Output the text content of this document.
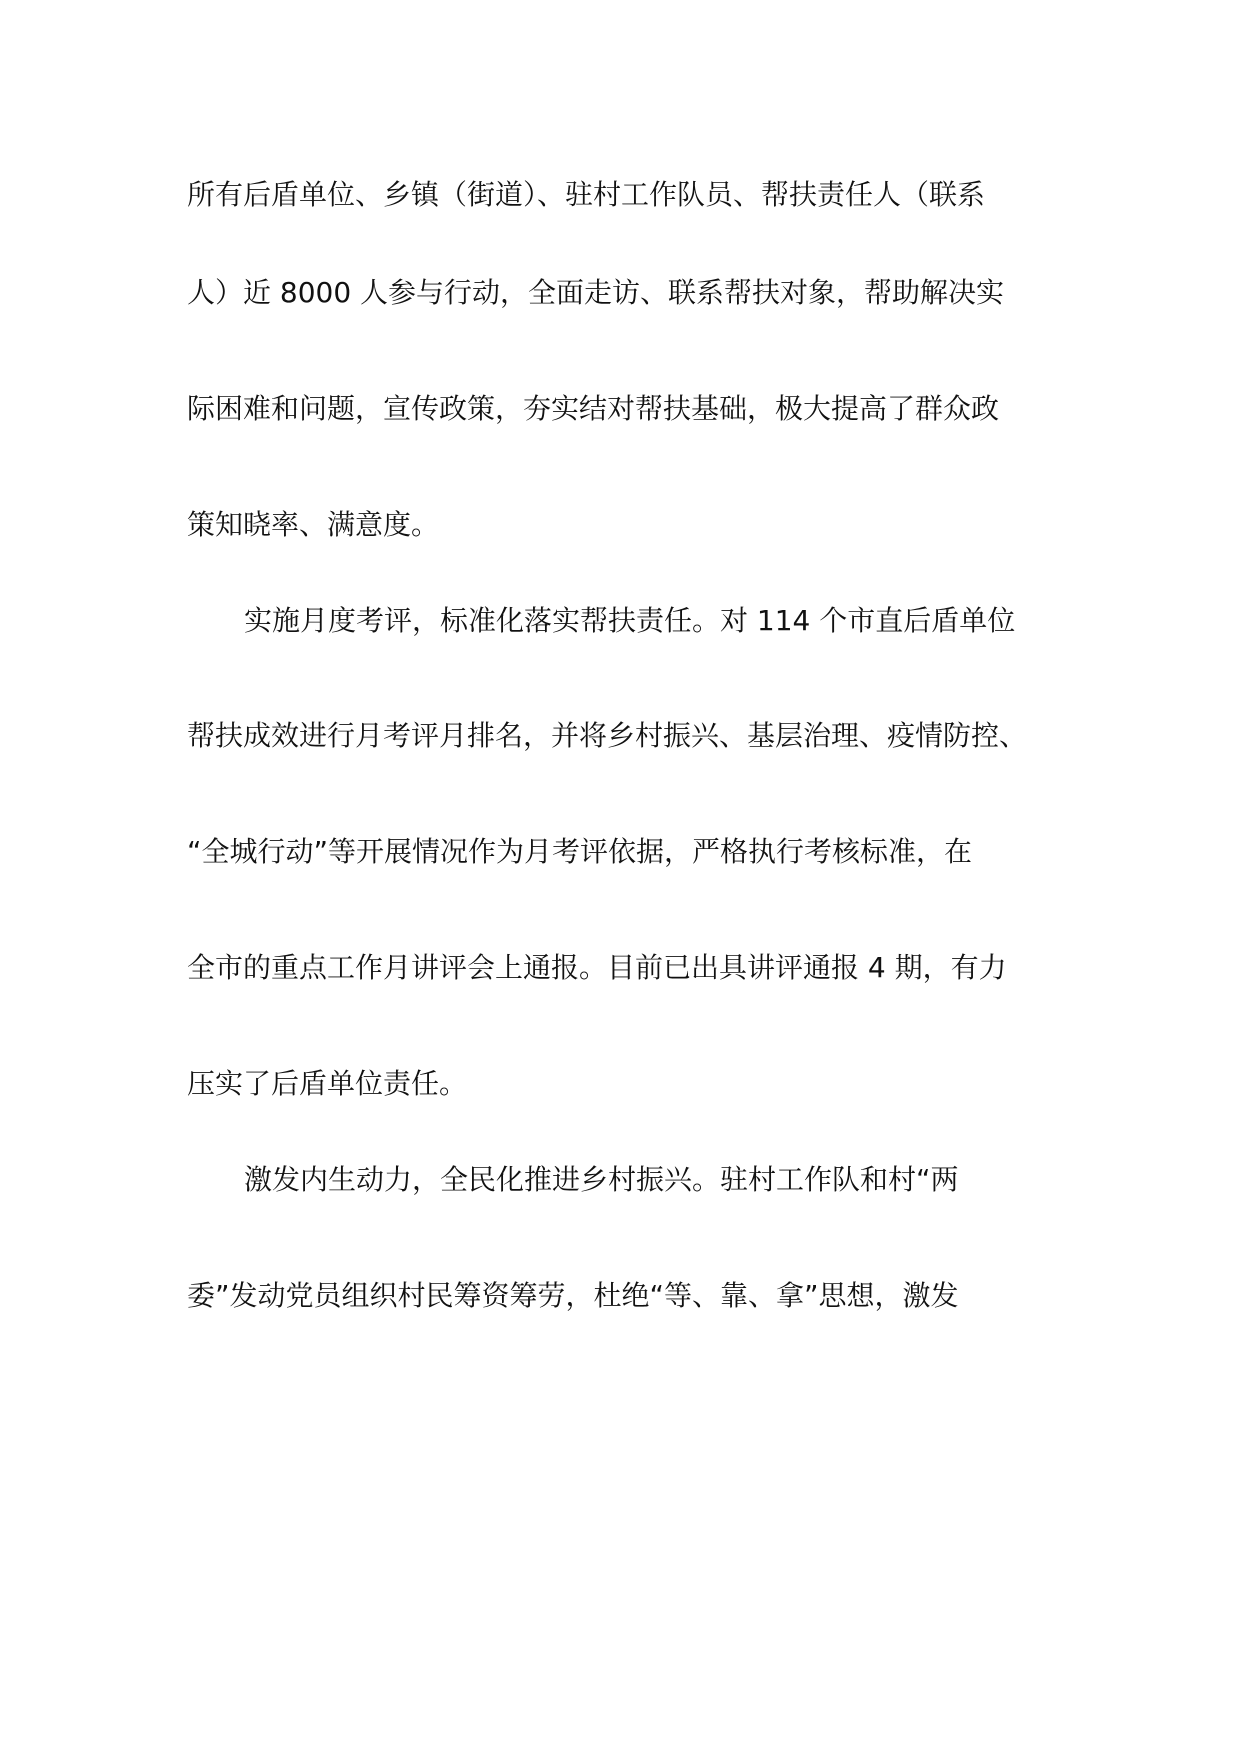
所有后盾单位、乡镇（街道）、驻村工作队员、帮扶责任人（联系

人）近 8000 人参与行动，全面走访、联系帮扶对象，帮助解决实

际困难和问题，宣传政策，夯实结对帮扶基础，极大提高了群众政

策知晓率、满意度。

实施月度考评，标准化落实帮扶责任。对 114 个市直后盾单位

帮扶成效进行月考评月排名，并将乡村振兴、基层治理、疫情防控、

“全城行动”等开展情况作为月考评依据，严格执行考核标准，在

全市的重点工作月讲评会上通报。目前已出具讲评通报 4 期，有力

压实了后盾单位责任。

激发内生动力，全民化推进乡村振兴。驻村工作队和村“两

委”发动党员组织村民筹资筹劳，杜绝“等、靠、拿”思想，激发
